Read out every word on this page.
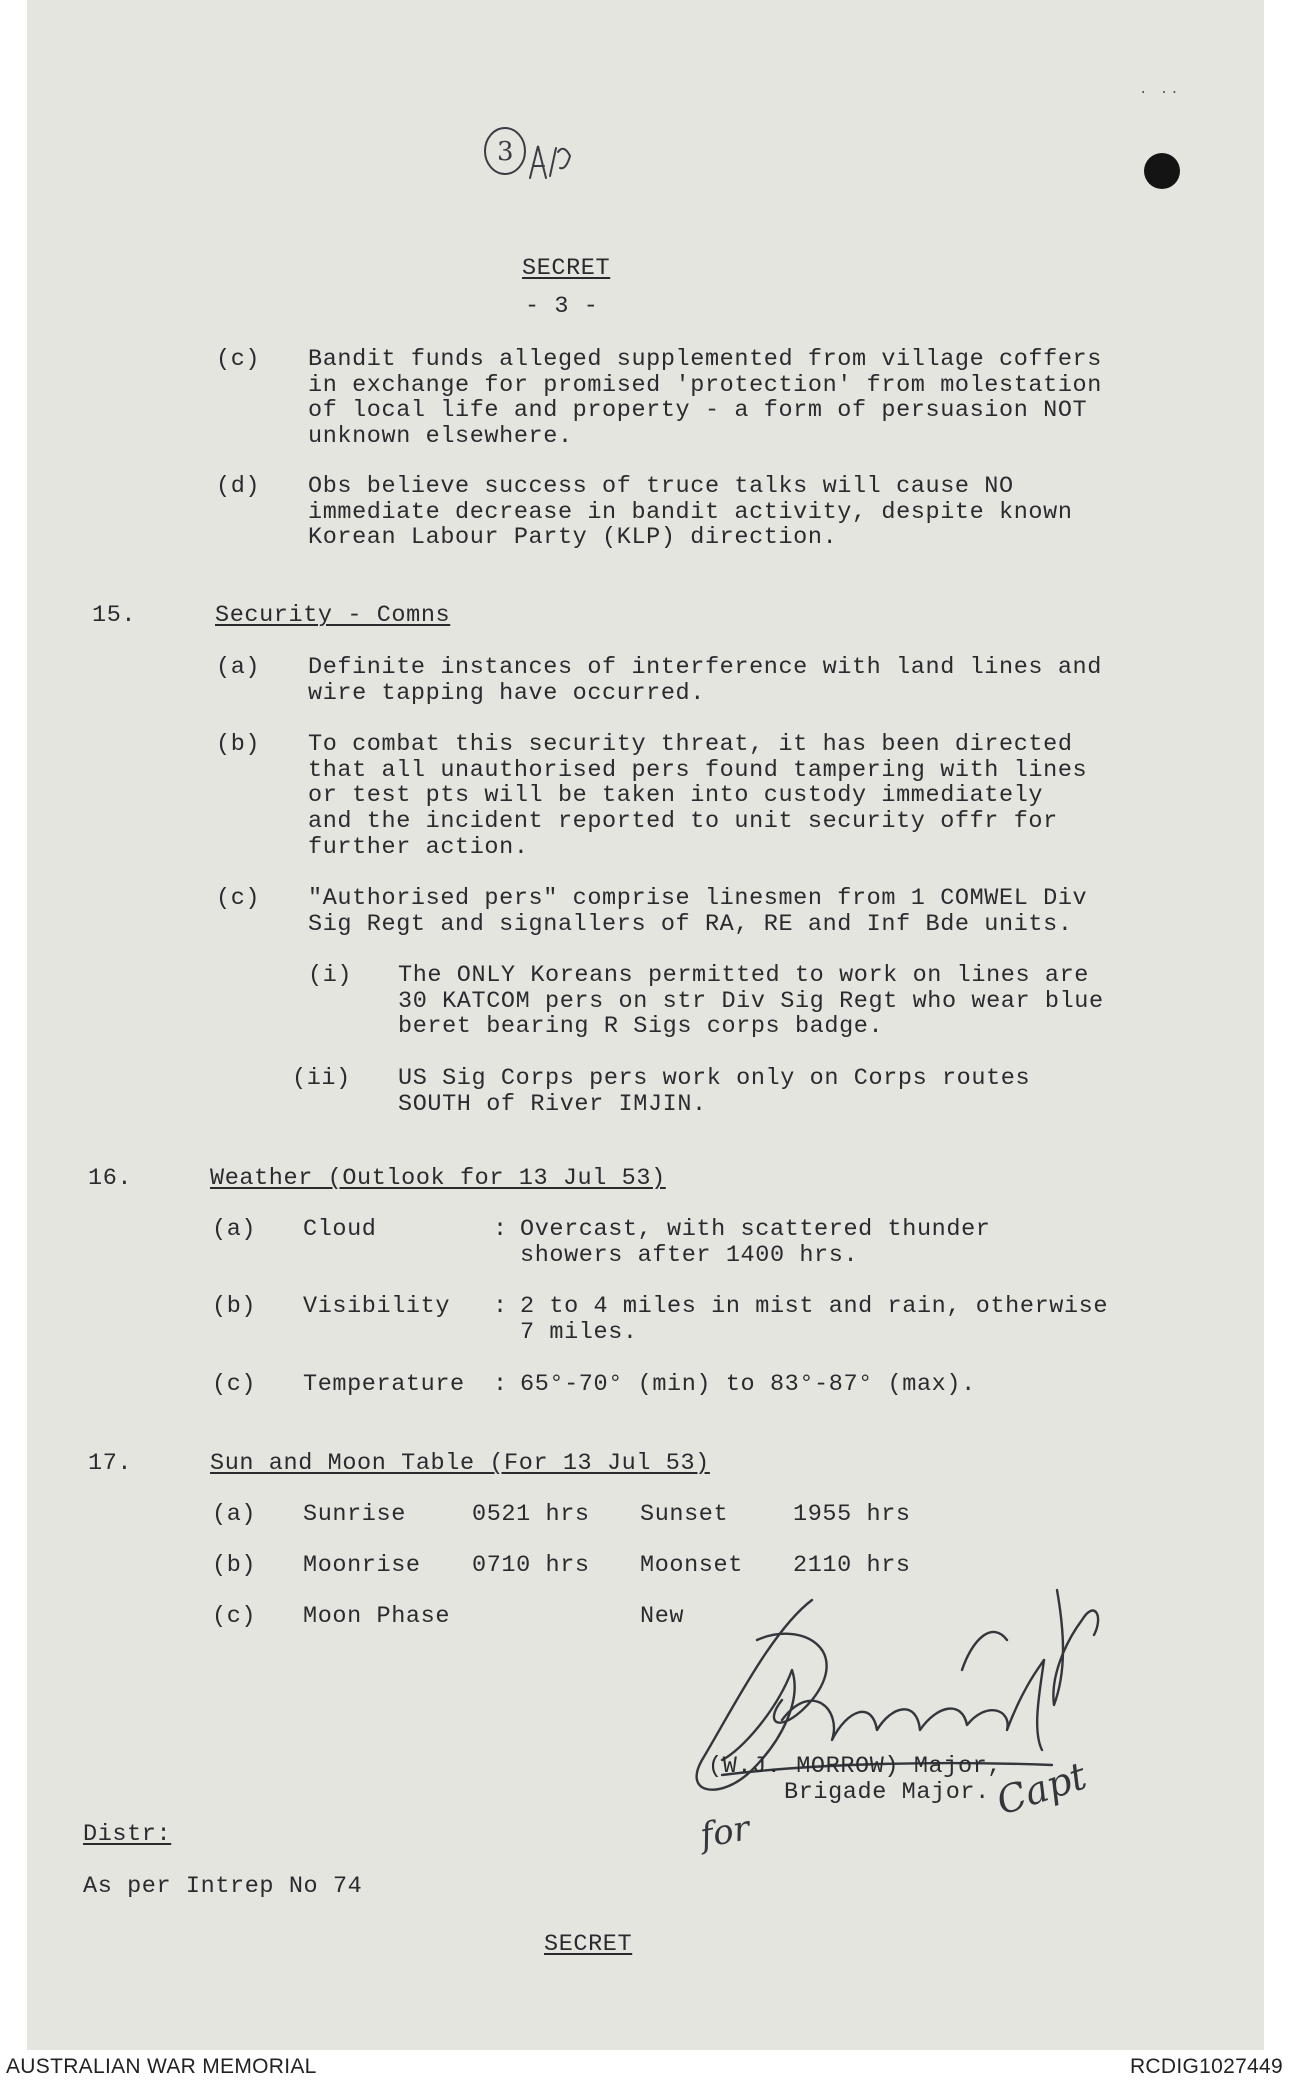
. ..
3
SECRET
- 3 -
(c) Bandit funds alleged supplemented from village coffers
in exchange for promised 'protection' from molestation
of local life and property - a form of persuasion NOT
unknown elsewhere.
(d) Obs believe success of truce talks will cause NO
immediate decrease in bandit activity, despite known
Korean Labour Party (KLP) direction.
15.	Security - Comns
(a) Definite instances of interference with land lines and
wire tapping have occurred.
(b) To combat this security threat, it has been directed
that all unauthorised pers found tampering with lines
or test pts will be taken into custody immediately
and the incident reported to unit security offr for
further action.
(c) "Authorised pers" comprise linesmen from 1 COMWEL Div
Sig Regt and signallers of RA, RE and Inf Bde units.
(i) The ONLY Koreans permitted to work on lines are
30 KATCOM pers on str Div Sig Regt who wear blue
beret bearing R Sigs corps badge.
(ii) US Sig Corps pers work only on Corps routes
SOUTH of River IMJIN.
16.	Weather (Outlook for 13 Jul 53)
(a) Cloud	: Overcast, with scattered thunder
showers after 1400 hrs.
(b) Visibility : 2 to 4 miles in mist and rain, otherwise
7 miles.
(c) Temperature : 65°-70° (min) to 83°-87° (max).
17.	Sun and Moon Table (For 13 Jul 53)
(a) Sunrise	0521 hrs Sunset	1955 hrs
(b) Moonrise 0710 hrs Moonset 2110 hrs
(c) Moon Phase	New
Capt
(W.J. MORROW) Major,
Brigade Major.
for
Distr:
As per Intrep No 74
SECRET
AUSTRALIAN WAR MEMORIAL	RCDIG1027449
